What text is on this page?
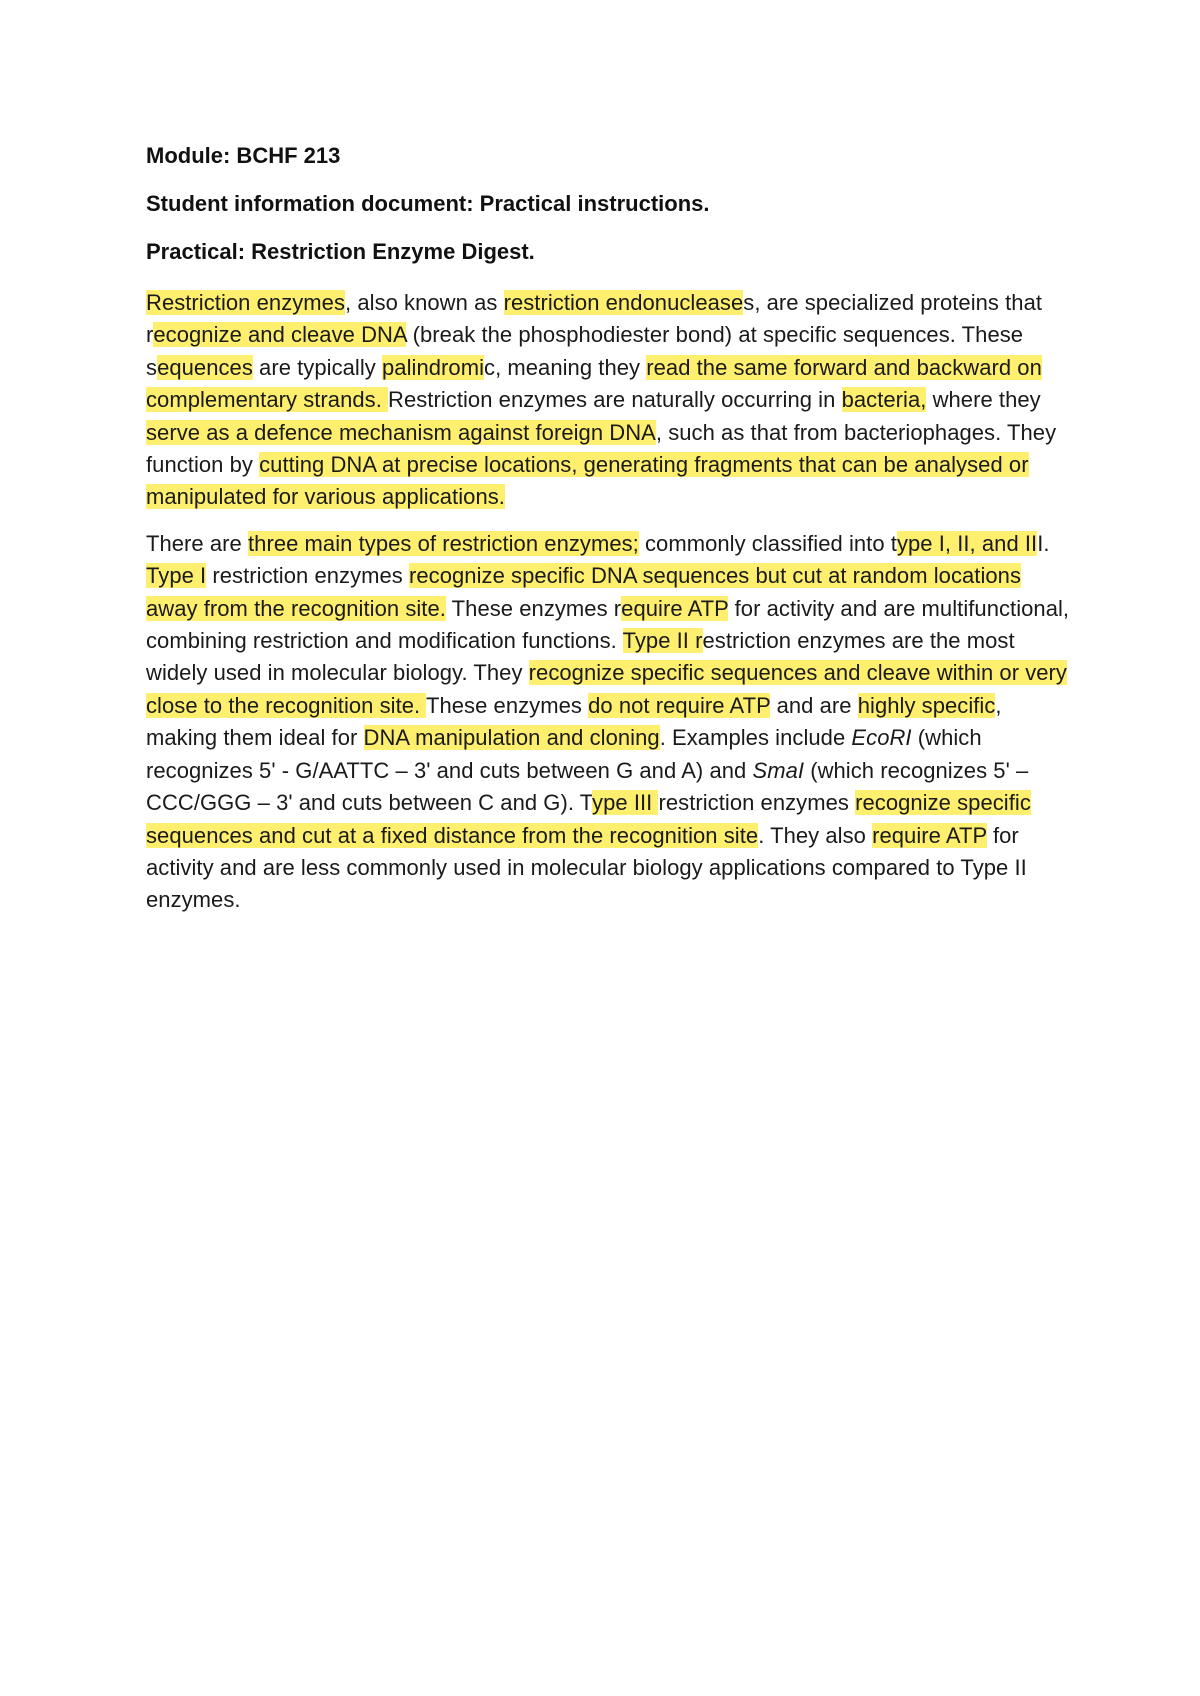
Module: BCHF 213

Student information document: Practical instructions.

Practical: Restriction Enzyme Digest.

Restriction enzymes, also known as restriction endonucleases, are specialized proteins that recognize and cleave DNA (break the phosphodiester bond) at specific sequences. These sequences are typically palindromic, meaning they read the same forward and backward on complementary strands. Restriction enzymes are naturally occurring in bacteria, where they serve as a defence mechanism against foreign DNA, such as that from bacteriophages. They function by cutting DNA at precise locations, generating fragments that can be analysed or manipulated for various applications.

There are three main types of restriction enzymes; commonly classified into type I, II, and III. Type I restriction enzymes recognize specific DNA sequences but cut at random locations away from the recognition site. These enzymes require ATP for activity and are multifunctional, combining restriction and modification functions. Type II restriction enzymes are the most widely used in molecular biology. They recognize specific sequences and cleave within or very close to the recognition site. These enzymes do not require ATP and are highly specific, making them ideal for DNA manipulation and cloning. Examples include EcoRI (which recognizes 5' - G/AATTC – 3' and cuts between G and A) and SmaI (which recognizes 5' – CCC/GGG – 3' and cuts between C and G). Type III restriction enzymes recognize specific sequences and cut at a fixed distance from the recognition site. They also require ATP for activity and are less commonly used in molecular biology applications compared to Type II enzymes.
